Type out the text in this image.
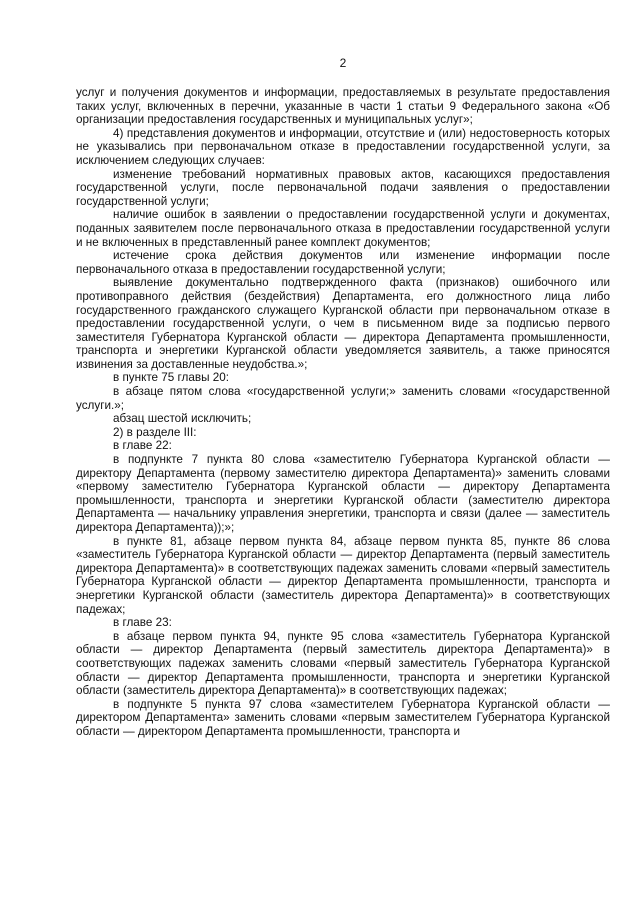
2

услуг и получения документов и информации, предоставляемых в результате предоставления таких услуг, включенных в перечни, указанные в части 1 статьи 9 Федерального закона «Об организации предоставления государственных и муниципальных услуг»;

4) представления документов и информации, отсутствие и (или) недостоверность которых не указывались при первоначальном отказе в предоставлении государственной услуги, за исключением следующих случаев:

изменение требований нормативных правовых актов, касающихся предоставления государственной услуги, после первоначальной подачи заявления о предоставлении государственной услуги;

наличие ошибок в заявлении о предоставлении государственной услуги и документах, поданных заявителем после первоначального отказа в предоставлении государственной услуги и не включенных в представленный ранее комплект документов;

истечение срока действия документов или изменение информации после первоначального отказа в предоставлении государственной услуги;

выявление документально подтвержденного факта (признаков) ошибочного или противоправного действия (бездействия) Департамента, его должностного лица либо государственного гражданского служащего Курганской области при первоначальном отказе в предоставлении государственной услуги, о чем в письменном виде за подписью первого заместителя Губернатора Курганской области — директора Департамента промышленности, транспорта и энергетики Курганской области уведомляется заявитель, а также приносятся извинения за доставленные неудобства.»;

в пункте 75 главы 20:

в абзаце пятом слова «государственной услуги;» заменить словами «государственной услуги.»;

абзац шестой исключить;

2) в разделе III:

в главе 22:

в подпункте 7 пункта 80 слова «заместителю Губернатора Курганской области — директору Департамента (первому заместителю директора Департамента)» заменить словами «первому заместителю Губернатора Курганской области — директору Департамента промышленности, транспорта и энергетики Курганской области (заместителю директора Департамента — начальнику управления энергетики, транспорта и связи (далее — заместитель директора Департамента));»;

в пункте 81, абзаце первом пункта 84, абзаце первом пункта 85, пункте 86 слова «заместитель Губернатора Курганской области — директор Департамента (первый заместитель директора Департамента)» в соответствующих падежах заменить словами «первый заместитель Губернатора Курганской области — директор Департамента промышленности, транспорта и энергетики Курганской области (заместитель директора Департамента)» в соответствующих падежах;

в главе 23:

в абзаце первом пункта 94, пункте 95 слова «заместитель Губернатора Курганской области — директор Департамента (первый заместитель директора Департамента)» в соответствующих падежах заменить словами «первый заместитель Губернатора Курганской области — директор Департамента промышленности, транспорта и энергетики Курганской области (заместитель директора Департамента)» в соответствующих падежах;

в подпункте 5 пункта 97 слова «заместителем Губернатора Курганской области — директором Департамента» заменить словами «первым заместителем Губернатора Курганской области — директором Департамента промышленности, транспорта и
